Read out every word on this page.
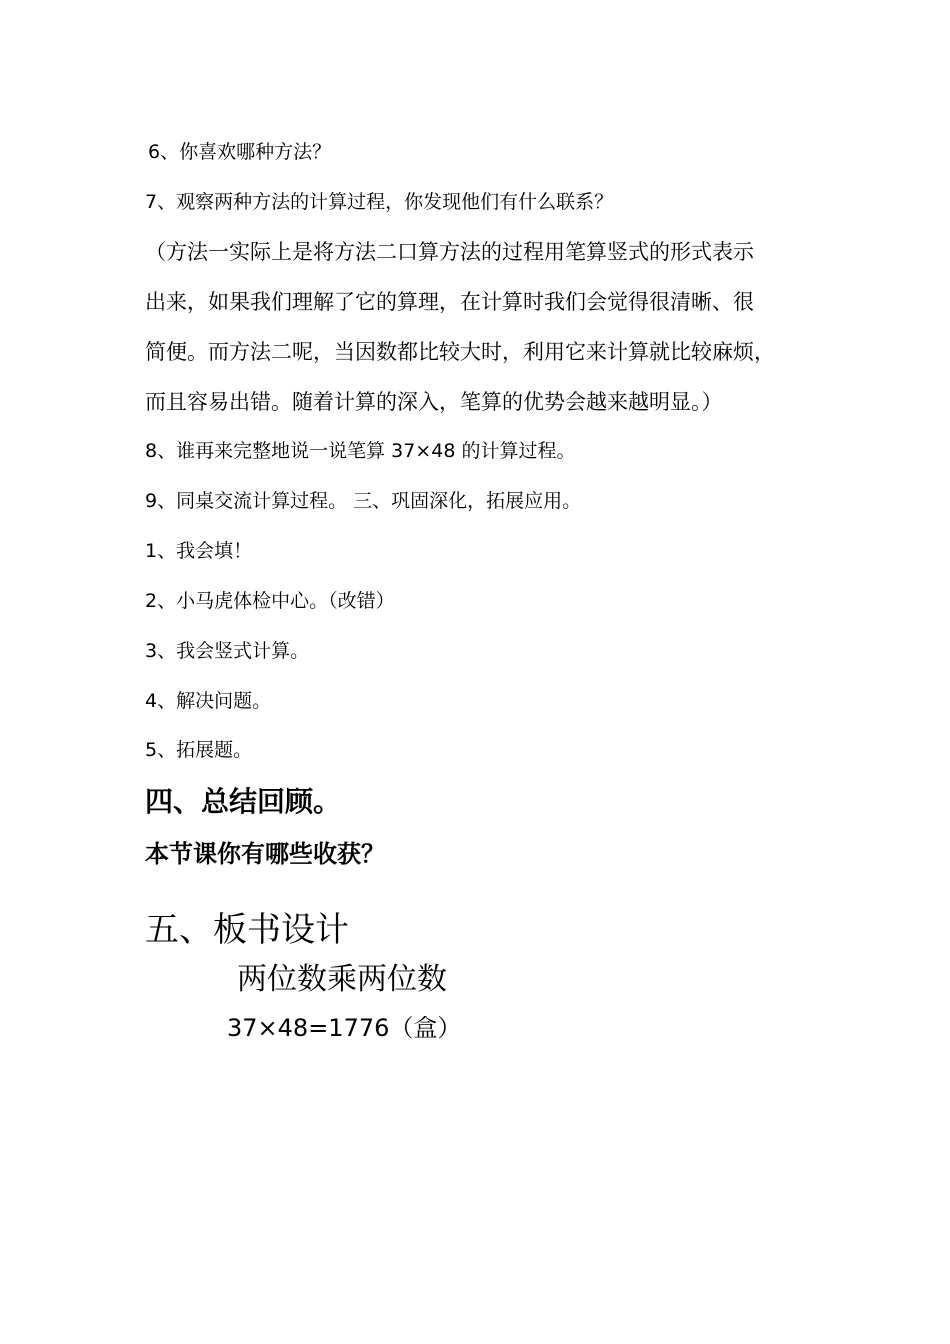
6、你喜欢哪种方法？
7、观察两种方法的计算过程，你发现他们有什么联系？
（方法一实际上是将方法二口算方法的过程用笔算竖式的形式表示
出来，如果我们理解了它的算理，在计算时我们会觉得很清晰、很
简便。而方法二呢，当因数都比较大时，利用它来计算就比较麻烦，
而且容易出错。随着计算的深入，笔算的优势会越来越明显。）
8、谁再来完整地说一说笔算 37×48 的计算过程。
9、同桌交流计算过程。 三、巩固深化，拓展应用。
1、我会填！
2、小马虎体检中心。（改错）
3、我会竖式计算。
4、解决问题。
5、拓展题。
四、总结回顾。
本节课你有哪些收获？
五、板书设计
两位数乘两位数
37×48=1776（盒）
